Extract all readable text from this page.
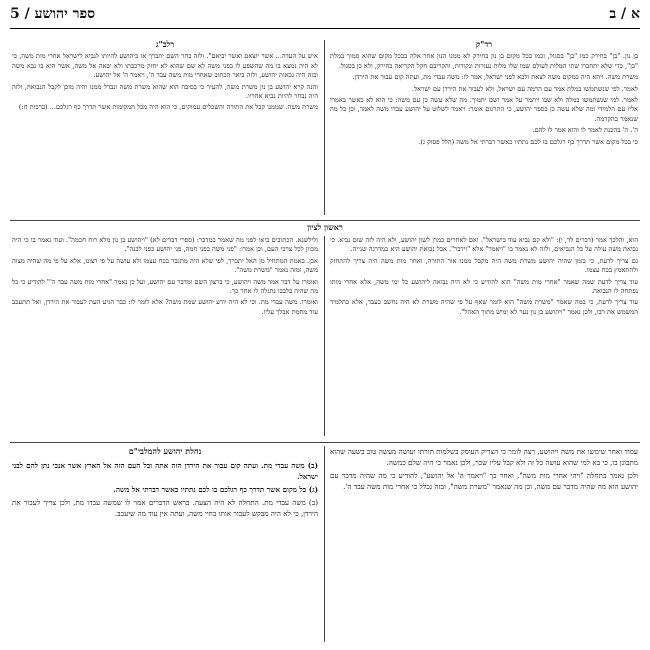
ספר יהושע / 5	א / ב
רד"ק

בן נון. "בן" בחירק כמו "בן" בסגול, וכמו בכל מקום בן נון בחירק לא ממנו הנון אחר אלה בבכל מקום שהוא סמוך במלת "בן", כדי שלא יתחברו שתי המלות לעולם שמו שלו מלות נעזרות ונקודות, והקריבם חקל הקריאה בחירק, ולא כן בסגול.

משרת משה. ויהא היה כמקום משה לצאת ולבא לפני ישראל, אמר לו: משה עבדי מת, ועתה קום עבור את הירדן.

לאמר. לפי שנשתמשו במלת אמר עם הרמה עם ישראל, ולא לעבור את הירדן עם ישראל.

לאמר. למי שנשתמשו במלה ולא שבו ויתמר על אמר ושם יתמוך. מה שלא עשה כן עם משה: כי הוא לא כאשר באמרו אליו עם הלמידי ומה שלא עשה כן בספר יהושע, כי התרגום אומר: ויאמר לשלוט על יהושע עבדו משה לאמר, וכן כל מה שנאמר בהקדמה.

ה'. ה' בהכנת לאמר לו והוא אמר לו להם.

כי בכל מקום אשר תדרך כף רגלכם בו לכם נתתיו כאשר דברתי אל משה (הלל פסוק ג).

רלב"ג

איש על העדה... אשר יוצאם ואשר יביאם". ולזה בחר השם יתברך אז ביהושע להיותו לנביא לישראל אחרי מות משה, כי לא היה נמצא בו מה שהשפע לו בפני משה לא שם שהוא לא יחזק מרכבתו ולא יבאה אל משה, אשר הוא בו נבא משה ובזה היה נבאות יהושע, ולזה ביאר הכתוב שאחרי מות משה עבד ה', ויאמר ה' אל יהושע.

והנה קרא יהושע בן נון משרת משה, להעיר כי בסיבה הוא שהוא משרת משה ונבדל ממנו והיה מוכן לקבל הנבואה, ולזה היה נבחר להיות נביא אחריו.

משרת משה. שממנו קבל את התורה והשכלים עמוקים, כי הוא היה מכל המקומות אשר תדרך כף רגלכם... (ברכות ח:)

ראשון לציון

הוא, והלכך אמר (דברים לד, י): "ולא קם נביא עוד בישראל". ואם לאחרים כמרן לשון יהושע, ולא היה לזה שום נביא. כי נבואת משה עולה על כל הנביאים, ולזה לא נאמר בו "ויאמר" אלא "וידבר". אבל נבואת יהושע היא במדרגה שנייה.

גם צריך לדעת, כי בזמן שהיה יהושע משרת משה היה מקבל ממנו אור התורה, ואחר מות משה היה צריך להתחזק ולהתאמץ בכח עצמו.

עוד צריך לדעת שמה שאמר "אחרי מות משה" הוא להודיע כי לא היה נבואה ליהושע כל ימי משה, אלא אחרי מותו נפתחה לו הנבואה.

עוד צריך לדעת, כי במה שאמר "משרת משה" הוא לומר שאף על פי שהיה משרת לא היה נחשב כעבד, אלא כתלמיד המשמש את רבו, ולכן נאמר "ויהושע בן נון נער לא ימיש מתוך האהל".

ולילשנא. הכתובים ביאו לפני מה שאמר במדבר: (ספרי דברים לא) "ויהושע בן נון מלא רוח חכמה". ועוד נאמר בו כי היה מכוון לכל צרכי העם, וכן אמרו: "פני משה כפני חמה, פני יהושע כפני לבנה".

אכן. באמת המתחיל מן האל יתברך, לפי שלא היה מתגבר בכח עצמו ולא עושה על פי רצונו, אלא על פי מה שהיה מצוה משה, ומזה נאמר "משרת משה".

ואומרו על דבר אמר משה ויהושע, כי ברצון השם ומדבר עם יהושע, ועל כן נאמר "אחרי מות משה עבד ה'" להודיע כי כל מה שהיה בלבבו נתגלה לו אחר כך.

ואומרו. משה עבדי מת. וכי לא היה יודע יהושע שמת משה? אלא לומר לו: כבר הגיע העת לעבור את הירדן, ואל תתעכב עוד מחמת אבלך עליו.

נחלת יהושע להמלבי"ם	עמוד ואחר שימשו את משה ויהושע, רצה לומר כי הצדיק העוסק בשלמות תורתו ועושה מעשה טוב בשעה שהוא מתבונן בו, כי בא למי שהוא עושה כל זה ולא קבל עליו שכר, ולכן נאמר כי היה שלם כמשה.

ולכן נאמר בתחלה "ויהי אחרי מות משה", ואחר כך "ויאמר ה' אל יהושע", להודיע כי מה שהיה מדבר עם יהושע הוא מה שהיה מדבר עם משה, וכן מה שנאמר "משרת משה", ובזה נכלל כי אחרי מות משה עבד ה'.

(ב) משה עבדי מת. ועתה קום עבור את הירדן הזה אתה וכל העם הזה אל הארץ אשר אנכי נתן להם לבני ישראל.

(ג) כל מקום אשר תדרך כף רגלכם בו לכם נתתיו כאשר דברתי אל משה.

(ב) משה עבדי מת. התחלה לא היה הצעה. בראש הדברים אמר לו שמשה עבדו מת, ולכן צריך לעבור את הירדן, כי לא היה מבקש לעבור אותו בחיי משה, ועתה אין עוד מה שיעכב.
